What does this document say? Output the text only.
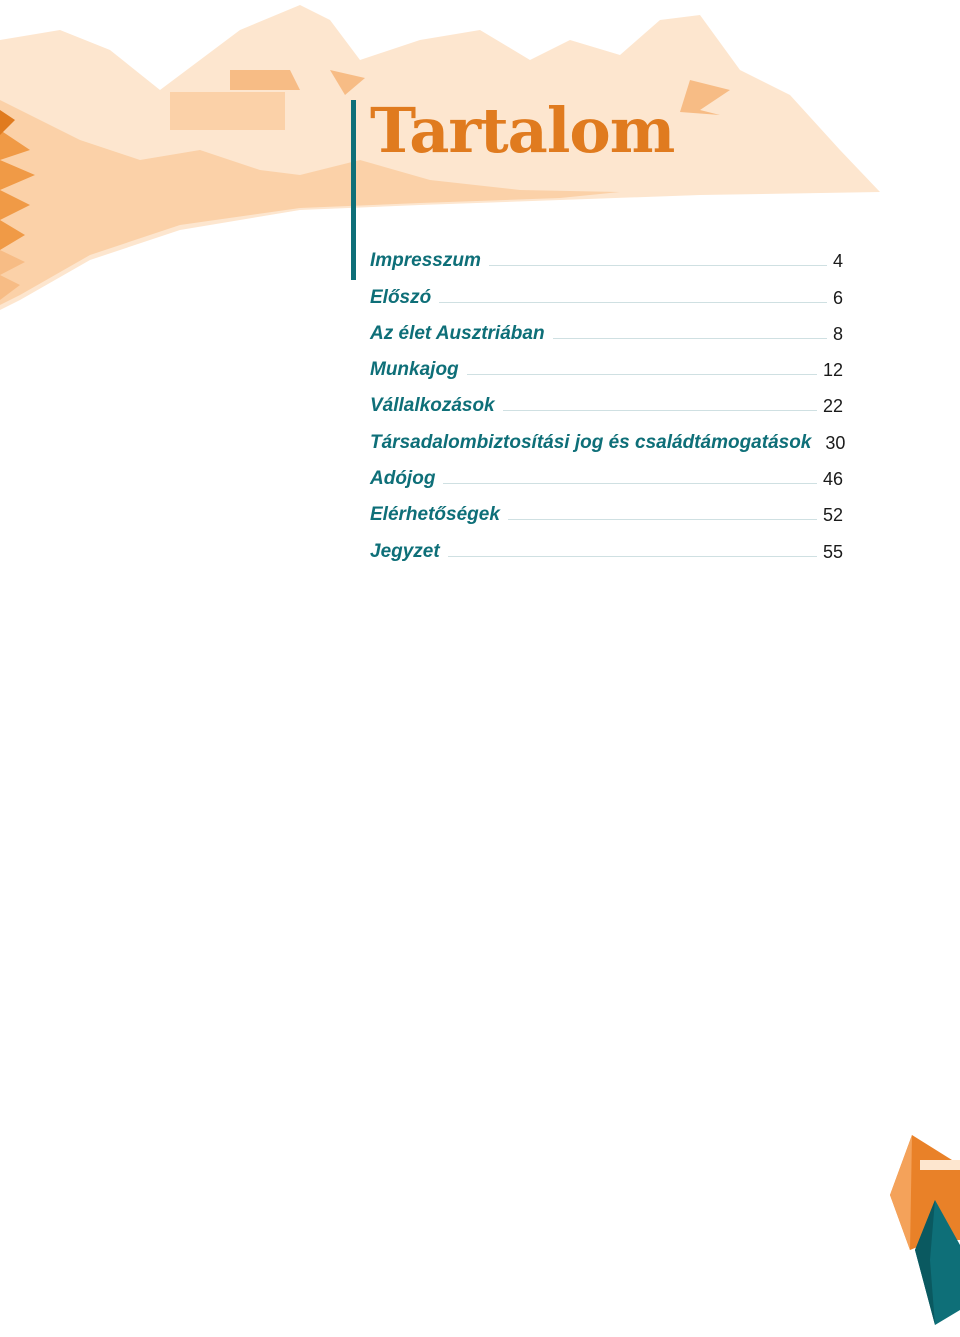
Tartalom
Impresszum	4
Előszó	6
Az élet Ausztriában	8
Munkajog	12
Vállalkozások	22
Társadalombiztosítási jog és családtámogatások 30
Adójog	46
Elérhetőségek	52
Jegyzet	55
